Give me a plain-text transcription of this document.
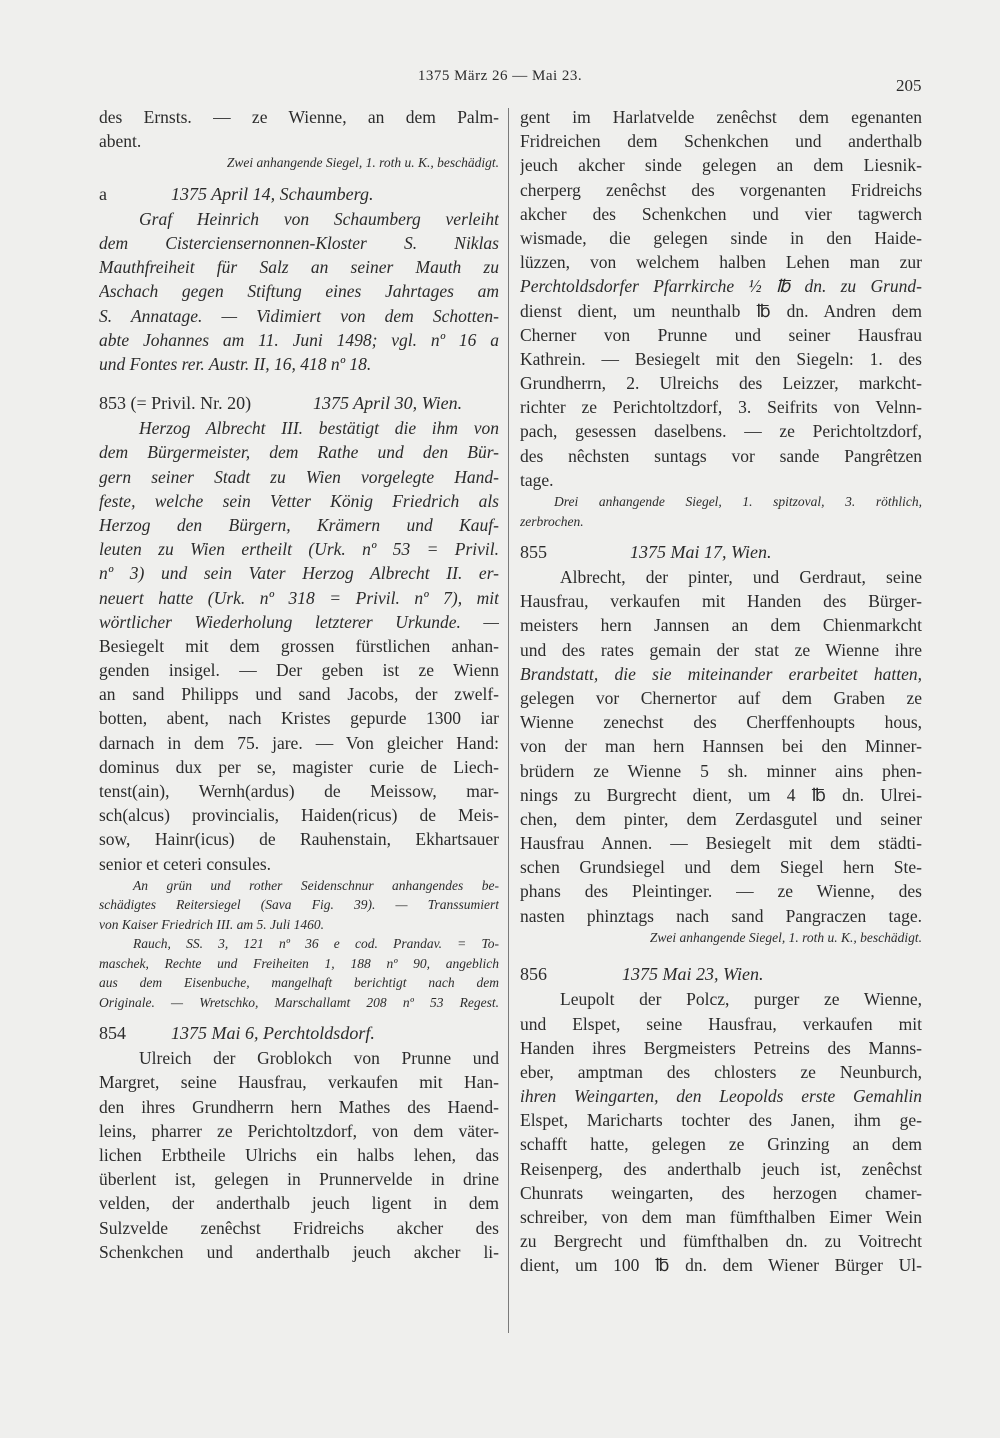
1375 März 26 — Mai 23.	205
des Ernsts. — ze Wienne, an dem Palm-
abent.
Zwei anhangende Siegel, 1. roth u. K., beschädigt.
a	1375 April 14, Schaumberg.
Graf Heinrich von Schaumberg verleiht
dem Cisterciensernonnen-Kloster S. Niklas
Mauthfreiheit für Salz an seiner Mauth zu
Aschach gegen Stiftung eines Jahrtages am
S. Annatage. — Vidimiert von dem Schotten-
abte Johannes am 11. Juni 1498; vgl. nº 16 a
und Fontes rer. Austr. II, 16, 418 nº 18.
853 (= Privil. Nr. 20)	1375 April 30, Wien.
Herzog Albrecht III. bestätigt die ihm von
dem Bürgermeister, dem Rathe und den Bür-
gern seiner Stadt zu Wien vorgelegte Hand-
feste, welche sein Vetter König Friedrich als
Herzog den Bürgern, Krämern und Kauf-
leuten zu Wien ertheilt (Urk. nº 53 = Privil.
nº 3) und sein Vater Herzog Albrecht II. er-
neuert hatte (Urk. nº 318 = Privil. nº 7), mit
wörtlicher Wiederholung letzterer Urkunde. —
Besiegelt mit dem grossen fürstlichen anhan-
genden insigel. — Der geben ist ze Wienn
an sand Philipps und sand Jacobs, der zwelf-
botten, abent, nach Kristes gepurde 1300 iar
darnach in dem 75. jare. — Von gleicher Hand:
dominus dux per se, magister curie de Liech-
tenst(ain), Wernh(ardus) de Meissow, mar-
sch(alcus) provincialis, Haiden(ricus) de Meis-
sow, Hainr(icus) de Rauhenstain, Ekhartsauer
senior et ceteri consules.
An grün und rother Seidenschnur anhangendes be-
schädigtes Reitersiegel (Sava Fig. 39). — Transsumiert
von Kaiser Friedrich III. am 5. Juli 1460.
Rauch, SS. 3, 121 nº 36 e cod. Prandav. = To-
maschek, Rechte und Freiheiten 1, 188 nº 90, angeblich
aus dem Eisenbuche, mangelhaft berichtigt nach dem
Originale. — Wretschko, Marschallamt 208 nº 53 Regest.
854	1375 Mai 6, Perchtoldsdorf.
Ulreich der Groblokch von Prunne und
Margret, seine Hausfrau, verkaufen mit Han-
den ihres Grundherrn hern Mathes des Haend-
leins, pharrer ze Perichtoltzdorf, von dem väter-
lichen Erbtheile Ulrichs ein halbs lehen, das
überlent ist, gelegen in Prunnervelde in drine
velden, der anderthalb jeuch ligent in dem
Sulzvelde zenêchst Fridreichs akcher des
Schenkchen und anderthalb jeuch akcher li-
gent im Harlatvelde zenêchst dem egenanten
Fridreichen dem Schenkchen und anderthalb
jeuch akcher sinde gelegen an dem Liesnik-
cherperg zenêchst des vorgenanten Fridreichs
akcher des Schenkchen und vier tagwerch
wismade, die gelegen sinde in den Haide-
lüzzen, von welchem halben Lehen man zur
Perchtoldsdorfer Pfarrkirche ½ ℔ dn. zu Grund-
dienst dient, um neunthalb ℔ dn. Andren dem
Cherner von Prunne und seiner Hausfrau
Kathrein. — Besiegelt mit den Siegeln: 1. des
Grundherrn, 2. Ulreichs des Leizzer, markcht-
richter ze Perichtoltzdorf, 3. Seifrits von Velnn-
pach, gesessen daselbens. — ze Perichtoltzdorf,
des nêchsten suntags vor sande Pangrêtzen
tage.
Drei anhangende Siegel, 1. spitzoval, 3. röthlich,
zerbrochen.
855	1375 Mai 17, Wien.
Albrecht, der pinter, und Gerdraut, seine
Hausfrau, verkaufen mit Handen des Bürger-
meisters hern Jannsen an dem Chienmarkcht
und des rates gemain der stat ze Wienne ihre
Brandstatt, die sie miteinander erarbeitet hatten,
gelegen vor Chernertor auf dem Graben ze
Wienne zenechst des Cherffenhoupts hous,
von der man hern Hannsen bei den Minner-
brüdern ze Wienne 5 sh. minner ains phen-
nings zu Burgrecht dient, um 4 ℔ dn. Ulrei-
chen, dem pinter, dem Zerdasgutel und seiner
Hausfrau Annen. — Besiegelt mit dem städti-
schen Grundsiegel und dem Siegel hern Ste-
phans des Pleintinger. — ze Wienne, des
nasten phinztags nach sand Pangraczen tage.
Zwei anhangende Siegel, 1. roth u. K., beschädigt.
856	1375 Mai 23, Wien.
Leupolt der Polcz, purger ze Wienne,
und Elspet, seine Hausfrau, verkaufen mit
Handen ihres Bergmeisters Petreins des Manns-
eber, amptman des chlosters ze Neunburch,
ihren Weingarten, den Leopolds erste Gemahlin
Elspet, Maricharts tochter des Janen, ihm ge-
schafft hatte, gelegen ze Grinzing an dem
Reisenperg, des anderthalb jeuch ist, zenêchst
Chunrats weingarten, des herzogen chamer-
schreiber, von dem man fümfthalben Eimer Wein
zu Bergrecht und fümfthalben dn. zu Voitrecht
dient, um 100 ℔ dn. dem Wiener Bürger Ul-
